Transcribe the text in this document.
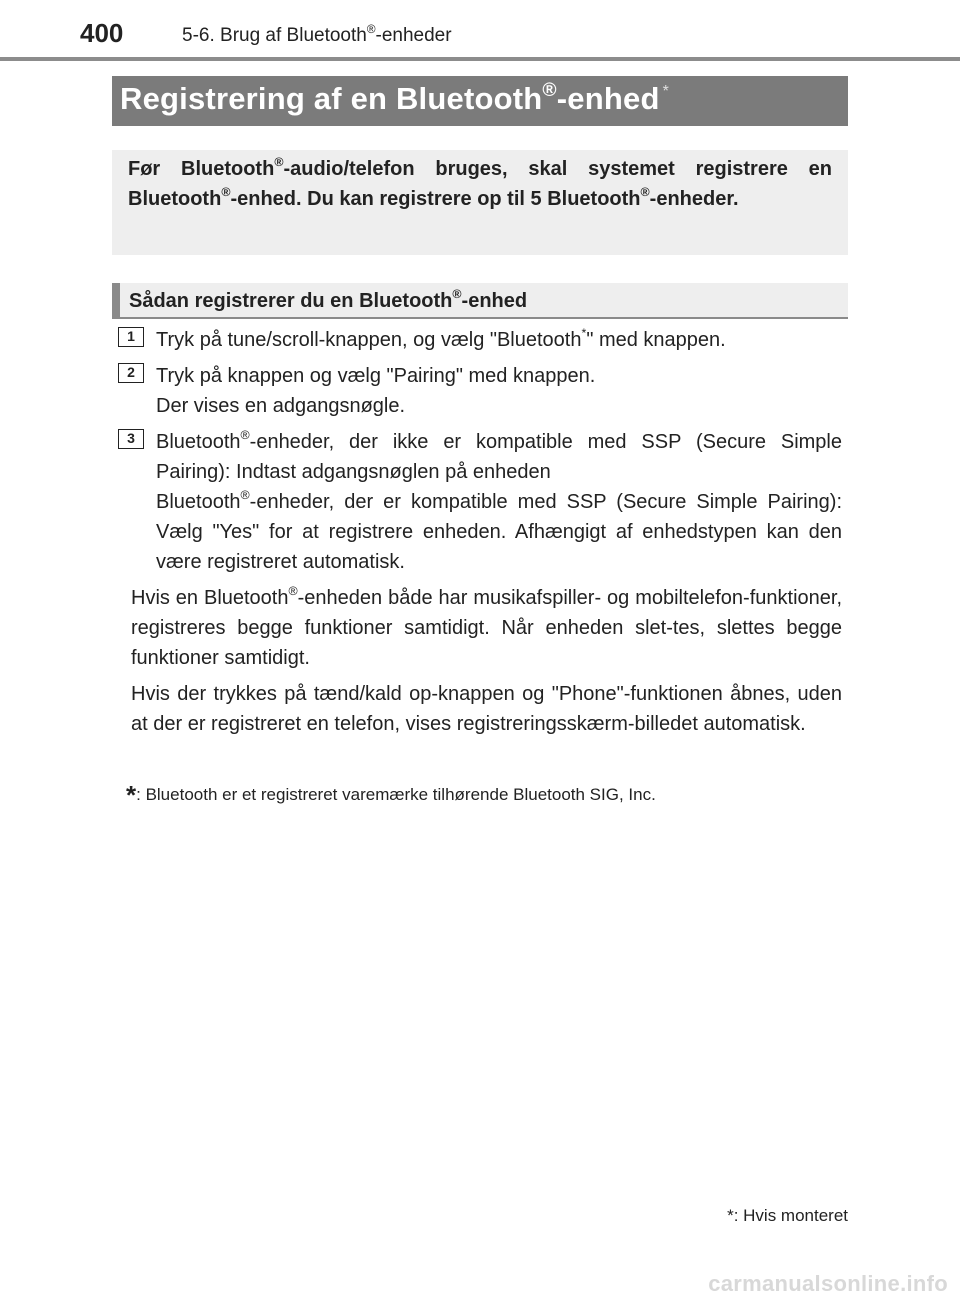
400	5-6. Brug af Bluetooth®-enheder
Registrering af en Bluetooth®-enhed *
Før Bluetooth®-audio/telefon bruges, skal systemet registrere en Bluetooth®-enhed. Du kan registrere op til 5 Bluetooth®-enheder.
Sådan registrerer du en Bluetooth®-enhed
1	Tryk på tune/scroll-knappen, og vælg "Bluetooth*" med knappen.
2	Tryk på knappen og vælg "Pairing" med knappen.
Der vises en adgangsnøgle.
3	Bluetooth®-enheder, der ikke er kompatible med SSP (Secure Simple Pairing): Indtast adgangsnøglen på enheden
Bluetooth®-enheder, der er kompatible med SSP (Secure Simple Pairing): Vælg "Yes" for at registrere enheden. Afhængigt af enhedstypen kan den være registreret automatisk.

Hvis en Bluetooth®-enheden både har musikafspiller- og mobiltelefon-funktioner, registreres begge funktioner samtidigt. Når enheden slet-tes, slettes begge funktioner samtidigt.

Hvis der trykkes på tænd/kald op-knappen og "Phone"-funktionen åbnes, uden at der er registreret en telefon, vises registreringsskærm-billedet automatisk.

*: Bluetooth er et registreret varemærke tilhørende Bluetooth SIG, Inc.
*: Hvis monteret
carmanualsonline.info
